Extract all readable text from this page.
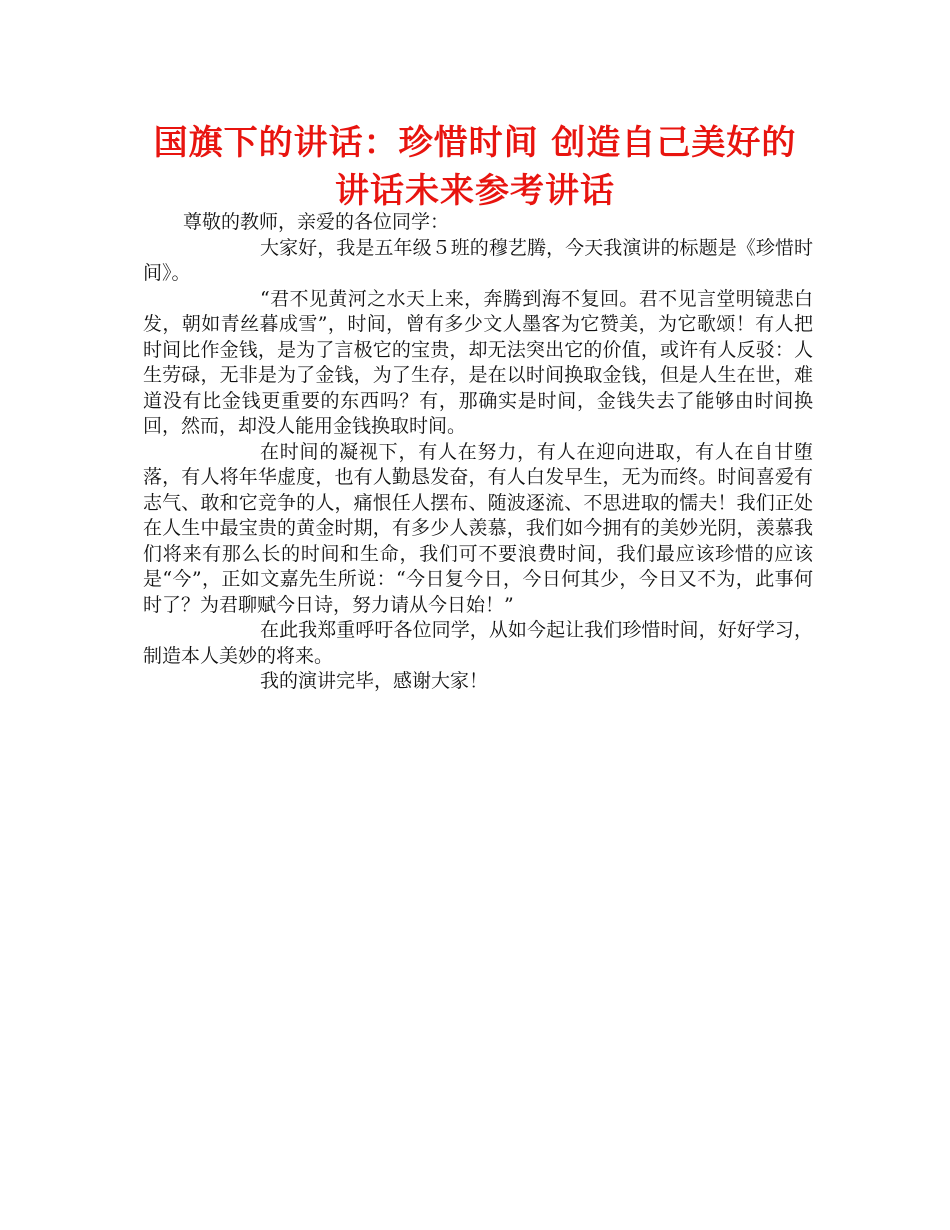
国旗下的讲话：珍惜时间 创造自己美好的
讲话未来参考讲话

尊敬的教师，亲爱的各位同学：

大家好，我是五年级５班的穆艺腾，今天我演讲的标题是《珍惜时间》。

“君不见黄河之水天上来，奔腾到海不复回。君不见言堂明镜悲白发，朝如青丝暮成雪”，时间，曾有多少文人墨客为它赞美，为它歌颂！有人把时间比作金钱，是为了言极它的宝贵，却无法突出它的价值，或许有人反驳：人生劳碌，无非是为了金钱，为了生存，是在以时间换取金钱，但是人生在世，难道没有比金钱更重要的东西吗？有，那确实是时间，金钱失去了能够由时间换回，然而，却没人能用金钱换取时间。

在时间的凝视下，有人在努力，有人在迎向进取，有人在自甘堕落，有人将年华虚度，也有人勤恳发奋，有人白发早生，无为而终。时间喜爱有志气、敢和它竞争的人，痛恨任人摆布、随波逐流、不思进取的懦夫！我们正处在人生中最宝贵的黄金时期，有多少人羡慕，我们如今拥有的美妙光阴，羡慕我们将来有那么长的时间和生命，我们可不要浪费时间，我们最应该珍惜的应该是“今”，正如文嘉先生所说：“今日复今日，今日何其少，今日又不为，此事何时了？为君聊赋今日诗，努力请从今日始！”

在此我郑重呼吁各位同学，从如今起让我们珍惜时间，好好学习，制造本人美妙的将来。

我的演讲完毕，感谢大家！
